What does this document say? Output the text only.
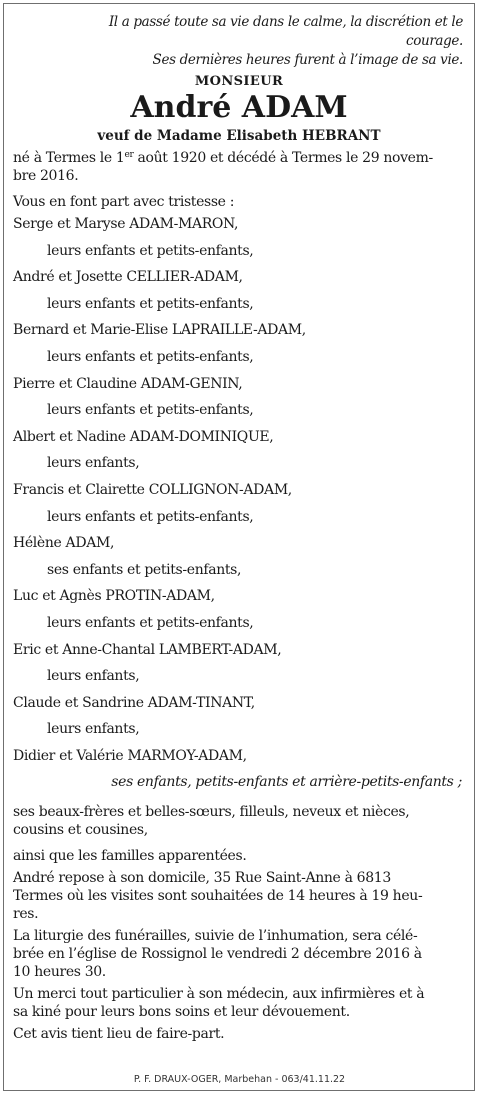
Il a passé toute sa vie dans le calme, la discrétion et le
courage.
Ses dernières heures furent à l’image de sa vie.
MONSIEUR
André ADAM
veuf de Madame Elisabeth HEBRANT
né à Termes le 1er août 1920 et décédé à Termes le 29 novem-
bre 2016.
Vous en font part avec tristesse :
Serge et Maryse ADAM-MARON,
leurs enfants et petits-enfants,
André et Josette CELLIER-ADAM,
leurs enfants et petits-enfants,
Bernard et Marie-Elise LAPRAILLE-ADAM,
leurs enfants et petits-enfants,
Pierre et Claudine ADAM-GENIN,
leurs enfants et petits-enfants,
Albert et Nadine ADAM-DOMINIQUE,
leurs enfants,
Francis et Clairette COLLIGNON-ADAM,
leurs enfants et petits-enfants,
Hélène ADAM,
ses enfants et petits-enfants,
Luc et Agnès PROTIN-ADAM,
leurs enfants et petits-enfants,
Eric et Anne-Chantal LAMBERT-ADAM,
leurs enfants,
Claude et Sandrine ADAM-TINANT,
leurs enfants,
Didier et Valérie MARMOY-ADAM,
ses enfants, petits-enfants et arrière-petits-enfants ;
ses beaux-frères et belles-sœurs, filleuls, neveux et nièces,
cousins et cousines,
ainsi que les familles apparentées.
André repose à son domicile, 35 Rue Saint-Anne à 6813
Termes où les visites sont souhaitées de 14 heures à 19 heu-
res.
La liturgie des funérailles, suivie de l’inhumation, sera célé-
brée en l’église de Rossignol le vendredi 2 décembre 2016 à
10 heures 30.
Un merci tout particulier à son médecin, aux infirmières et à
sa kiné pour leurs bons soins et leur dévouement.
Cet avis tient lieu de faire-part.
P. F. DRAUX-OGER, Marbehan - 063/41.11.22
